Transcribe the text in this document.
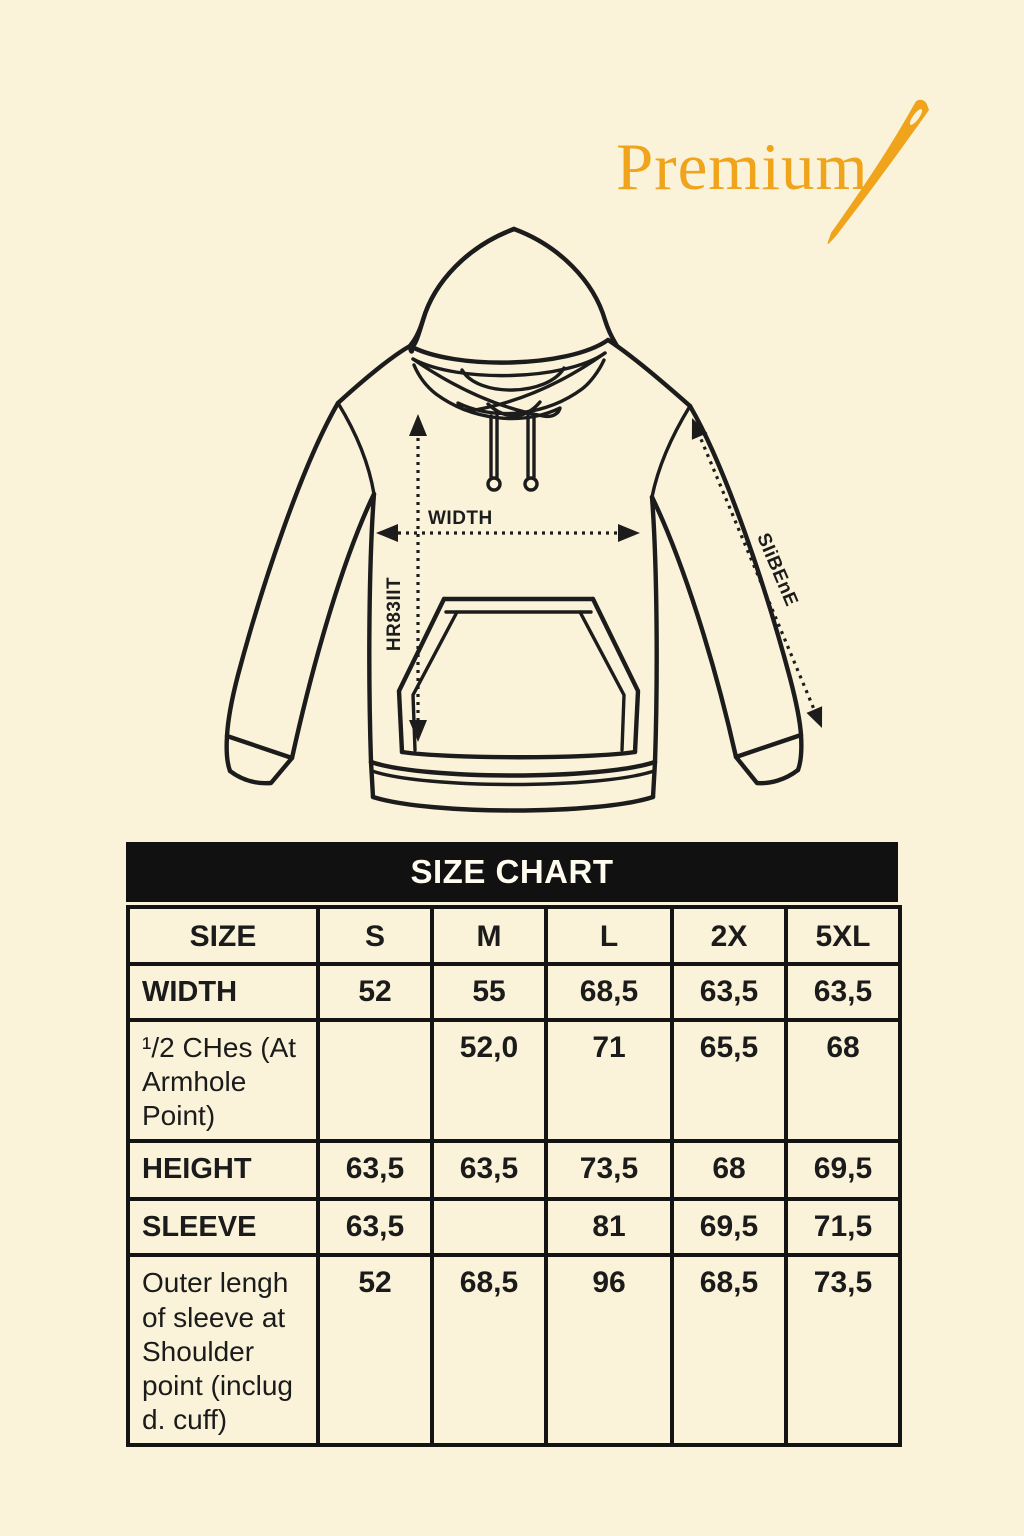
Premium
WIDTH
HR83IIT
SIiBEnE
SIZE CHART
SIZE	S	M	L	2X	5XL
WIDTH	52	55	68,5	63,5	63,5
¹/2 CHes (At Armhole Point)		52,0	71	65,5	68
HEIGHT	63,5	63,5	73,5	68	69,5
SLEEVE	63,5		81	69,5	71,5
Outer lengh of sleeve at Shoulder point (inclug d. cuff)	52	68,5	96	68,5	73,5
